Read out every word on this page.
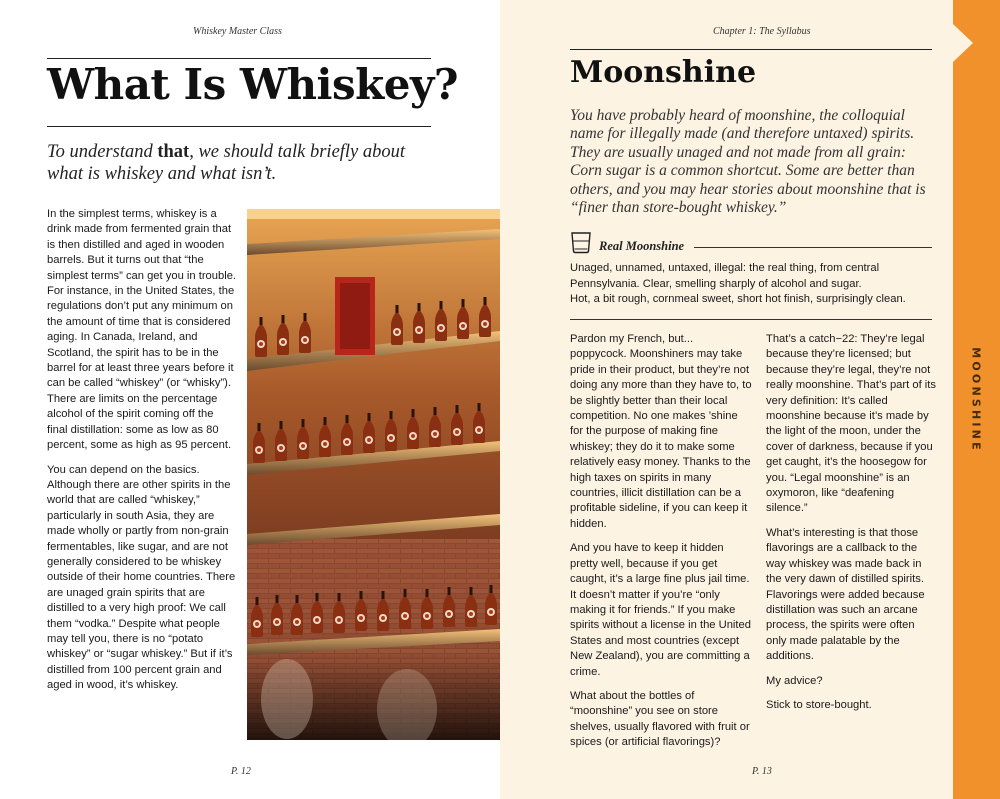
Whiskey Master Class
What Is Whiskey?
To understand that, we should talk briefly about what is whiskey and what isn’t.

In the simplest terms, whiskey is a drink made from fermented grain that is then distilled and aged in wooden barrels. But it turns out that “the simplest terms” can get you in trouble. For instance, in the United States, the regulations don’t put any minimum on the amount of time that is considered aging. In Canada, Ireland, and Scotland, the spirit has to be in the barrel for at least three years before it can be called “whiskey” (or “whisky”). There are limits on the percentage alcohol of the spirit coming off the final distillation: some as low as 80 percent, some as high as 95 percent.

You can depend on the basics. Although there are other spirits in the world that are called “whiskey,” particularly in south Asia, they are made wholly or partly from non-grain fermentables, like sugar, and are not generally considered to be whiskey outside of their home countries. There are unaged grain spirits that are distilled to a very high proof: We call them “vodka.” Despite what people may tell you, there is no “potato whiskey” or “sugar whiskey.” But if it’s distilled from 100 percent grain and aged in wood, it’s whiskey.

P. 12
Chapter 1: The Syllabus
Moonshine
You have probably heard of moonshine, the colloquial name for illegally made (and therefore untaxed) spirits. They are usually unaged and not made from all grain: Corn sugar is a common shortcut. Some are better than others, and you may hear stories about moonshine that is “finer than store-bought whiskey.”
Real Moonshine
Unaged, unnamed, untaxed, illegal: the real thing, from central Pennsylvania. Clear, smelling sharply of alcohol and sugar.
Hot, a bit rough, cornmeal sweet, short hot finish, surprisingly clean.

Pardon my French, but... poppycock. Moonshiners may take pride in their product, but they’re not doing any more than they have to, to be slightly better than their local competition. No one makes ’shine for the purpose of making fine whiskey; they do it to make some relatively easy money. Thanks to the high taxes on spirits in many countries, illicit distillation can be a profitable sideline, if you can keep it hidden.

And you have to keep it hidden pretty well, because if you get caught, it’s a large fine plus jail time. It doesn’t matter if you’re “only making it for friends.” If you make spirits without a license in the United States and most countries (except New Zealand), you are committing a crime.

What about the bottles of “moonshine” you see on store shelves, usually flavored with fruit or spices (or artificial flavorings)?

That’s a catch−22: They’re legal because they’re licensed; but because they’re legal, they’re not really moonshine. That’s part of its very definition: It’s called moonshine because it’s made by the light of the moon, under the cover of darkness, because if you get caught, it’s the hoosegow for you. “Legal moonshine” is an oxymoron, like “deafening silence.”

What’s interesting is that those flavorings are a callback to the way whiskey was made back in the very dawn of distilled spirits. Flavorings were added because distillation was such an arcane process, the spirits were often only made palatable by the additions.

My advice?

Stick to store-bought.

P. 13
MOONSHINE
